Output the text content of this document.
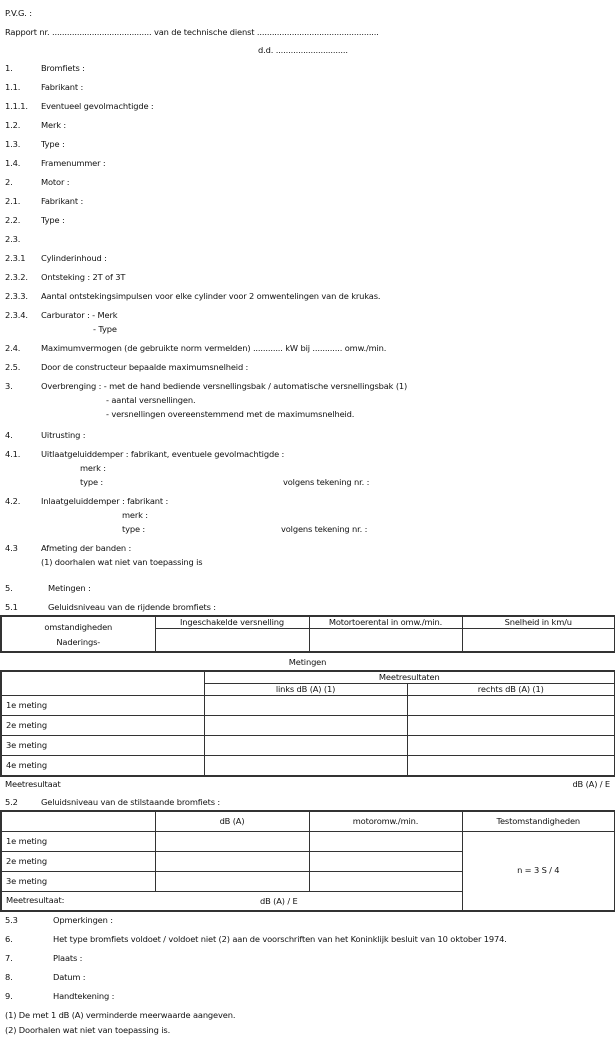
P.V.G. :
Rapport nr. ........................................ van de technische dienst .................................................
d.d. .............................
1.	Bromfiets :
1.1.	Fabrikant :
1.1.1. Eventueel gevolmachtigde :
1.2.	Merk :
1.3.	Type :
1.4.	Framenummer :
2.	Motor :
2.1.	Fabrikant :
2.2.	Type :
2.3.
2.3.1 Cylinderinhoud :
2.3.2. Ontsteking : 2T of 3T
2.3.3. Aantal ontstekingsimpulsen voor elke cylinder voor 2 omwentelingen van de krukas.
2.3.4. Carburator : - Merk
- Type
2.4.	Maximumvermogen (de gebruikte norm vermelden) ............ kW bij ............ omw./min.
2.5.	Door de constructeur bepaalde maximumsnelheid :
3.	Overbrenging : - met de hand bediende versnellingsbak / automatische versnellingsbak (1)
- aantal versnellingen.
- versnellingen overeenstemmend met de maximumsnelheid.
4.	Uitrusting :
4.1.	Uitlaatgeluiddemper : fabrikant, eventuele gevolmachtigde :
merk :
type :	volgens tekening nr. :
4.2.	Inlaatgeluiddemper : fabrikant :
merk :
type :	volgens tekening nr. :
4.3	Afmeting der banden :
(1) doorhalen wat niet van toepassing is
5.	Metingen :
5.1	Geluidsniveau van de rijdende bromfiets :
omstandigheden
Naderings-	Ingeschakelde versnelling	Motortoerental in omw./min.	Snelheid in km/u

Metingen
	Meetresultaten	
	links dB (A) (1)	rechts dB (A) (1)
1e meting		
2e meting		
3e meting		
4e meting		
Meetresultaat	dB (A) / E
5.2	Geluidsniveau van de stilstaande bromfiets :
	dB (A)	motoromw./min.	Testomstandigheden
1e meting			n = 3 S / 4
2e meting			
3e meting			
Meetresultaat: dB (A) / E			
5.3	Opmerkingen :
6.	Het type bromfiets voldoet / voldoet niet (2) aan de voorschriften van het Koninklijk besluit van 10 oktober 1974.
7.	Plaats :
8.	Datum :
9.	Handtekening :
(1) De met 1 dB (A) verminderde meerwaarde aangeven.
(2) Doorhalen wat niet van toepassing is.
